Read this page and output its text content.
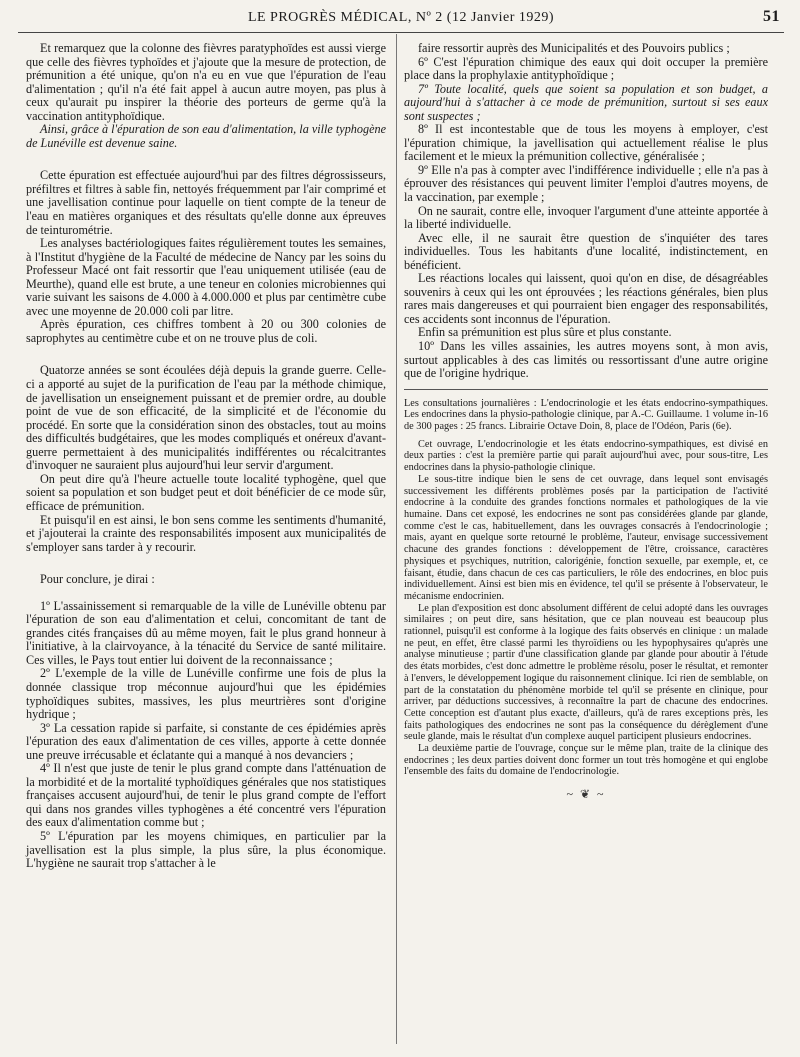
LE PROGRÈS MÉDICAL, Nº 2 (12 Janvier 1929)	51

Et remarquez que la colonne des fièvres paratyphoïdes est aussi vierge que celle des fièvres typhoïdes et j'ajoute que la mesure de protection, de prémunition a été unique, qu'on n'a eu en vue que l'épuration de l'eau d'alimentation ; qu'il n'a été fait appel à aucun autre moyen, pas plus à ceux qu'aurait pu inspirer la théorie des porteurs de germe qu'à la vaccination antityphoïdique.

Ainsi, grâce à l'épuration de son eau d'alimentation, la ville typhogène de Lunéville est devenue saine.

Cette épuration est effectuée aujourd'hui par des filtres dégrossisseurs, préfiltres et filtres à sable fin, nettoyés fréquemment par l'air comprimé et une javellisation continue pour laquelle on tient compte de la teneur de l'eau en matières organiques et des résultats qu'elle donne aux épreuves de teinturométrie.

Les analyses bactériologiques faites régulièrement toutes les semaines, à l'Institut d'hygiène de la Faculté de médecine de Nancy par les soins du Professeur Macé ont fait ressortir que l'eau uniquement utilisée (eau de Meurthe), quand elle est brute, a une teneur en colonies microbiennes qui varie suivant les saisons de 4.000 à 4.000.000 et plus par centimètre cube avec une moyenne de 20.000 coli par litre.

Après épuration, ces chiffres tombent à 20 ou 300 colonies de saprophytes au centimètre cube et on ne trouve plus de coli.

Quatorze années se sont écoulées déjà depuis la grande guerre. Celle-ci a apporté au sujet de la purification de l'eau par la méthode chimique, de javellisation un enseignement puissant et de premier ordre, au double point de vue de son efficacité, de la simplicité et de l'économie du procédé. En sorte que la considération sinon des obstacles, tout au moins des difficultés budgétaires, que les modes compliqués et onéreux d'avant-guerre permettaient à des municipalités indifférentes ou récalcitrantes d'invoquer ne sauraient plus aujourd'hui leur servir d'argument.

On peut dire qu'à l'heure actuelle toute localité typhogène, quel que soient sa population et son budget peut et doit bénéficier de ce mode sûr, efficace de prémunition.

Et puisqu'il en est ainsi, le bon sens comme les sentiments d'humanité, et j'ajouterai la crainte des responsabilités imposent aux municipalités de s'employer sans tarder à y recourir.

Pour conclure, je dirai :

1º L'assainissement si remarquable de la ville de Lunéville obtenu par l'épuration de son eau d'alimentation et celui, concomitant de tant de grandes cités françaises dû au même moyen, fait le plus grand honneur à l'initiative, à la clairvoyance, à la ténacité du Service de santé militaire. Ces villes, le Pays tout entier lui doivent de la reconnaissance ;

2º L'exemple de la ville de Lunéville confirme une fois de plus la donnée classique trop méconnue aujourd'hui que les épidémies typhoïdiques subites, massives, les plus meurtrières sont d'origine hydrique ;

3º La cessation rapide si parfaite, si constante de ces épidémies après l'épuration des eaux d'alimentation de ces villes, apporte à cette donnée une preuve irrécusable et éclatante qui a manqué à nos devanciers ;

4º Il n'est que juste de tenir le plus grand compte dans l'atténuation de la morbidité et de la mortalité typhoïdiques générales que nos statistiques françaises accusent aujourd'hui, de tenir le plus grand compte de l'effort qui dans nos grandes villes typhogènes a été concentré vers l'épuration des eaux d'alimentation comme but ;

5º L'épuration par les moyens chimiques, en particulier par la javellisation est la plus simple, la plus sûre, la plus économique. L'hygiène ne saurait trop s'attacher à le

faire ressortir auprès des Municipalités et des Pouvoirs publics ;

6º C'est l'épuration chimique des eaux qui doit occuper la première place dans la prophylaxie antityphoïdique ;

7º Toute localité, quels que soient sa population et son budget, a aujourd'hui à s'attacher à ce mode de prémunition, surtout si ses eaux sont suspectes ;

8º Il est incontestable que de tous les moyens à employer, c'est l'épuration chimique, la javellisation qui actuellement réalise le plus facilement et le mieux la prémunition collective, généralisée ;

9º Elle n'a pas à compter avec l'indifférence individuelle ; elle n'a pas à éprouver des résistances qui peuvent limiter l'emploi d'autres moyens, de la vaccination, par exemple ;

On ne saurait, contre elle, invoquer l'argument d'une atteinte apportée à la liberté individuelle.

Avec elle, il ne saurait être question de s'inquiéter des tares individuelles. Tous les habitants d'une localité, indistinctement, en bénéficient.

Les réactions locales qui laissent, quoi qu'on en dise, de désagréables souvenirs à ceux qui les ont éprouvées ; les réactions générales, bien plus rares mais dangereuses et qui pourraient bien engager des responsabilités, ces accidents sont inconnus de l'épuration.

Enfin sa prémunition est plus sûre et plus constante.

10º Dans les villes assainies, les autres moyens sont, à mon avis, surtout applicables à des cas limités ou ressortissant d'une autre origine que de l'origine hydrique.

Les consultations journalières : L'endocrinologie et les états endocrino-sympathiques. Les endocrines dans la physio-pathologie clinique, par A.-C. Guillaume. 1 volume in-16 de 300 pages : 25 francs. Librairie Octave Doin, 8, place de l'Odéon, Paris (6e).

Cet ouvrage, L'endocrinologie et les états endocrino-sympathiques, est divisé en deux parties : c'est la première partie qui paraît aujourd'hui avec, pour sous-titre, Les endocrines dans la physio-pathologie clinique.

Le sous-titre indique bien le sens de cet ouvrage, dans lequel sont envisagés successivement les différents problèmes posés par la participation de l'activité endocrine à la conduite des grandes fonctions normales et pathologiques de la vie humaine. Dans cet exposé, les endocrines ne sont pas considérées glande par glande, comme c'est le cas, habituellement, dans les ouvrages consacrés à l'endocrinologie ; mais, ayant en quelque sorte retourné le problème, l'auteur, envisage successivement chacune des grandes fonctions : développement de l'être, croissance, caractères physiques et psychiques, nutrition, calorigénie, fonction sexuelle, par exemple, et, ce faisant, étudie, dans chacun de ces cas particuliers, le rôle des endocrines, en bloc puis individuellement. Ainsi est bien mis en évidence, tel qu'il se présente à l'observateur, le mécanisme endocrinien.

Le plan d'exposition est donc absolument différent de celui adopté dans les ouvrages similaires ; on peut dire, sans hésitation, que ce plan nouveau est beaucoup plus rationnel, puisqu'il est conforme à la logique des faits observés en clinique : un malade ne peut, en effet, être classé parmi les thyroïdiens ou les hypophysaires qu'après une analyse minutieuse ; partir d'une classification glande par glande pour aboutir à l'étude des états morbides, c'est donc admettre le problème résolu, poser le résultat, et remonter à l'envers, le développement logique du raisonnement clinique. Ici rien de semblable, on part de la constatation du phénomène morbide tel qu'il se présente en clinique, pour arriver, par déductions successives, à reconnaître la part de chacune des endocrines. Cette conception est d'autant plus exacte, d'ailleurs, qu'à de rares exceptions près, les faits pathologiques des endocrines ne sont pas la conséquence du dérèglement d'une seule glande, mais le résultat d'un complexe auquel participent plusieurs endocrines.

La deuxième partie de l'ouvrage, conçue sur le même plan, traite de la clinique des endocrines ; les deux parties doivent donc former un tout très homogène et qui englobe l'ensemble des faits du domaine de l'endocrinologie.

~ ❦ ~
